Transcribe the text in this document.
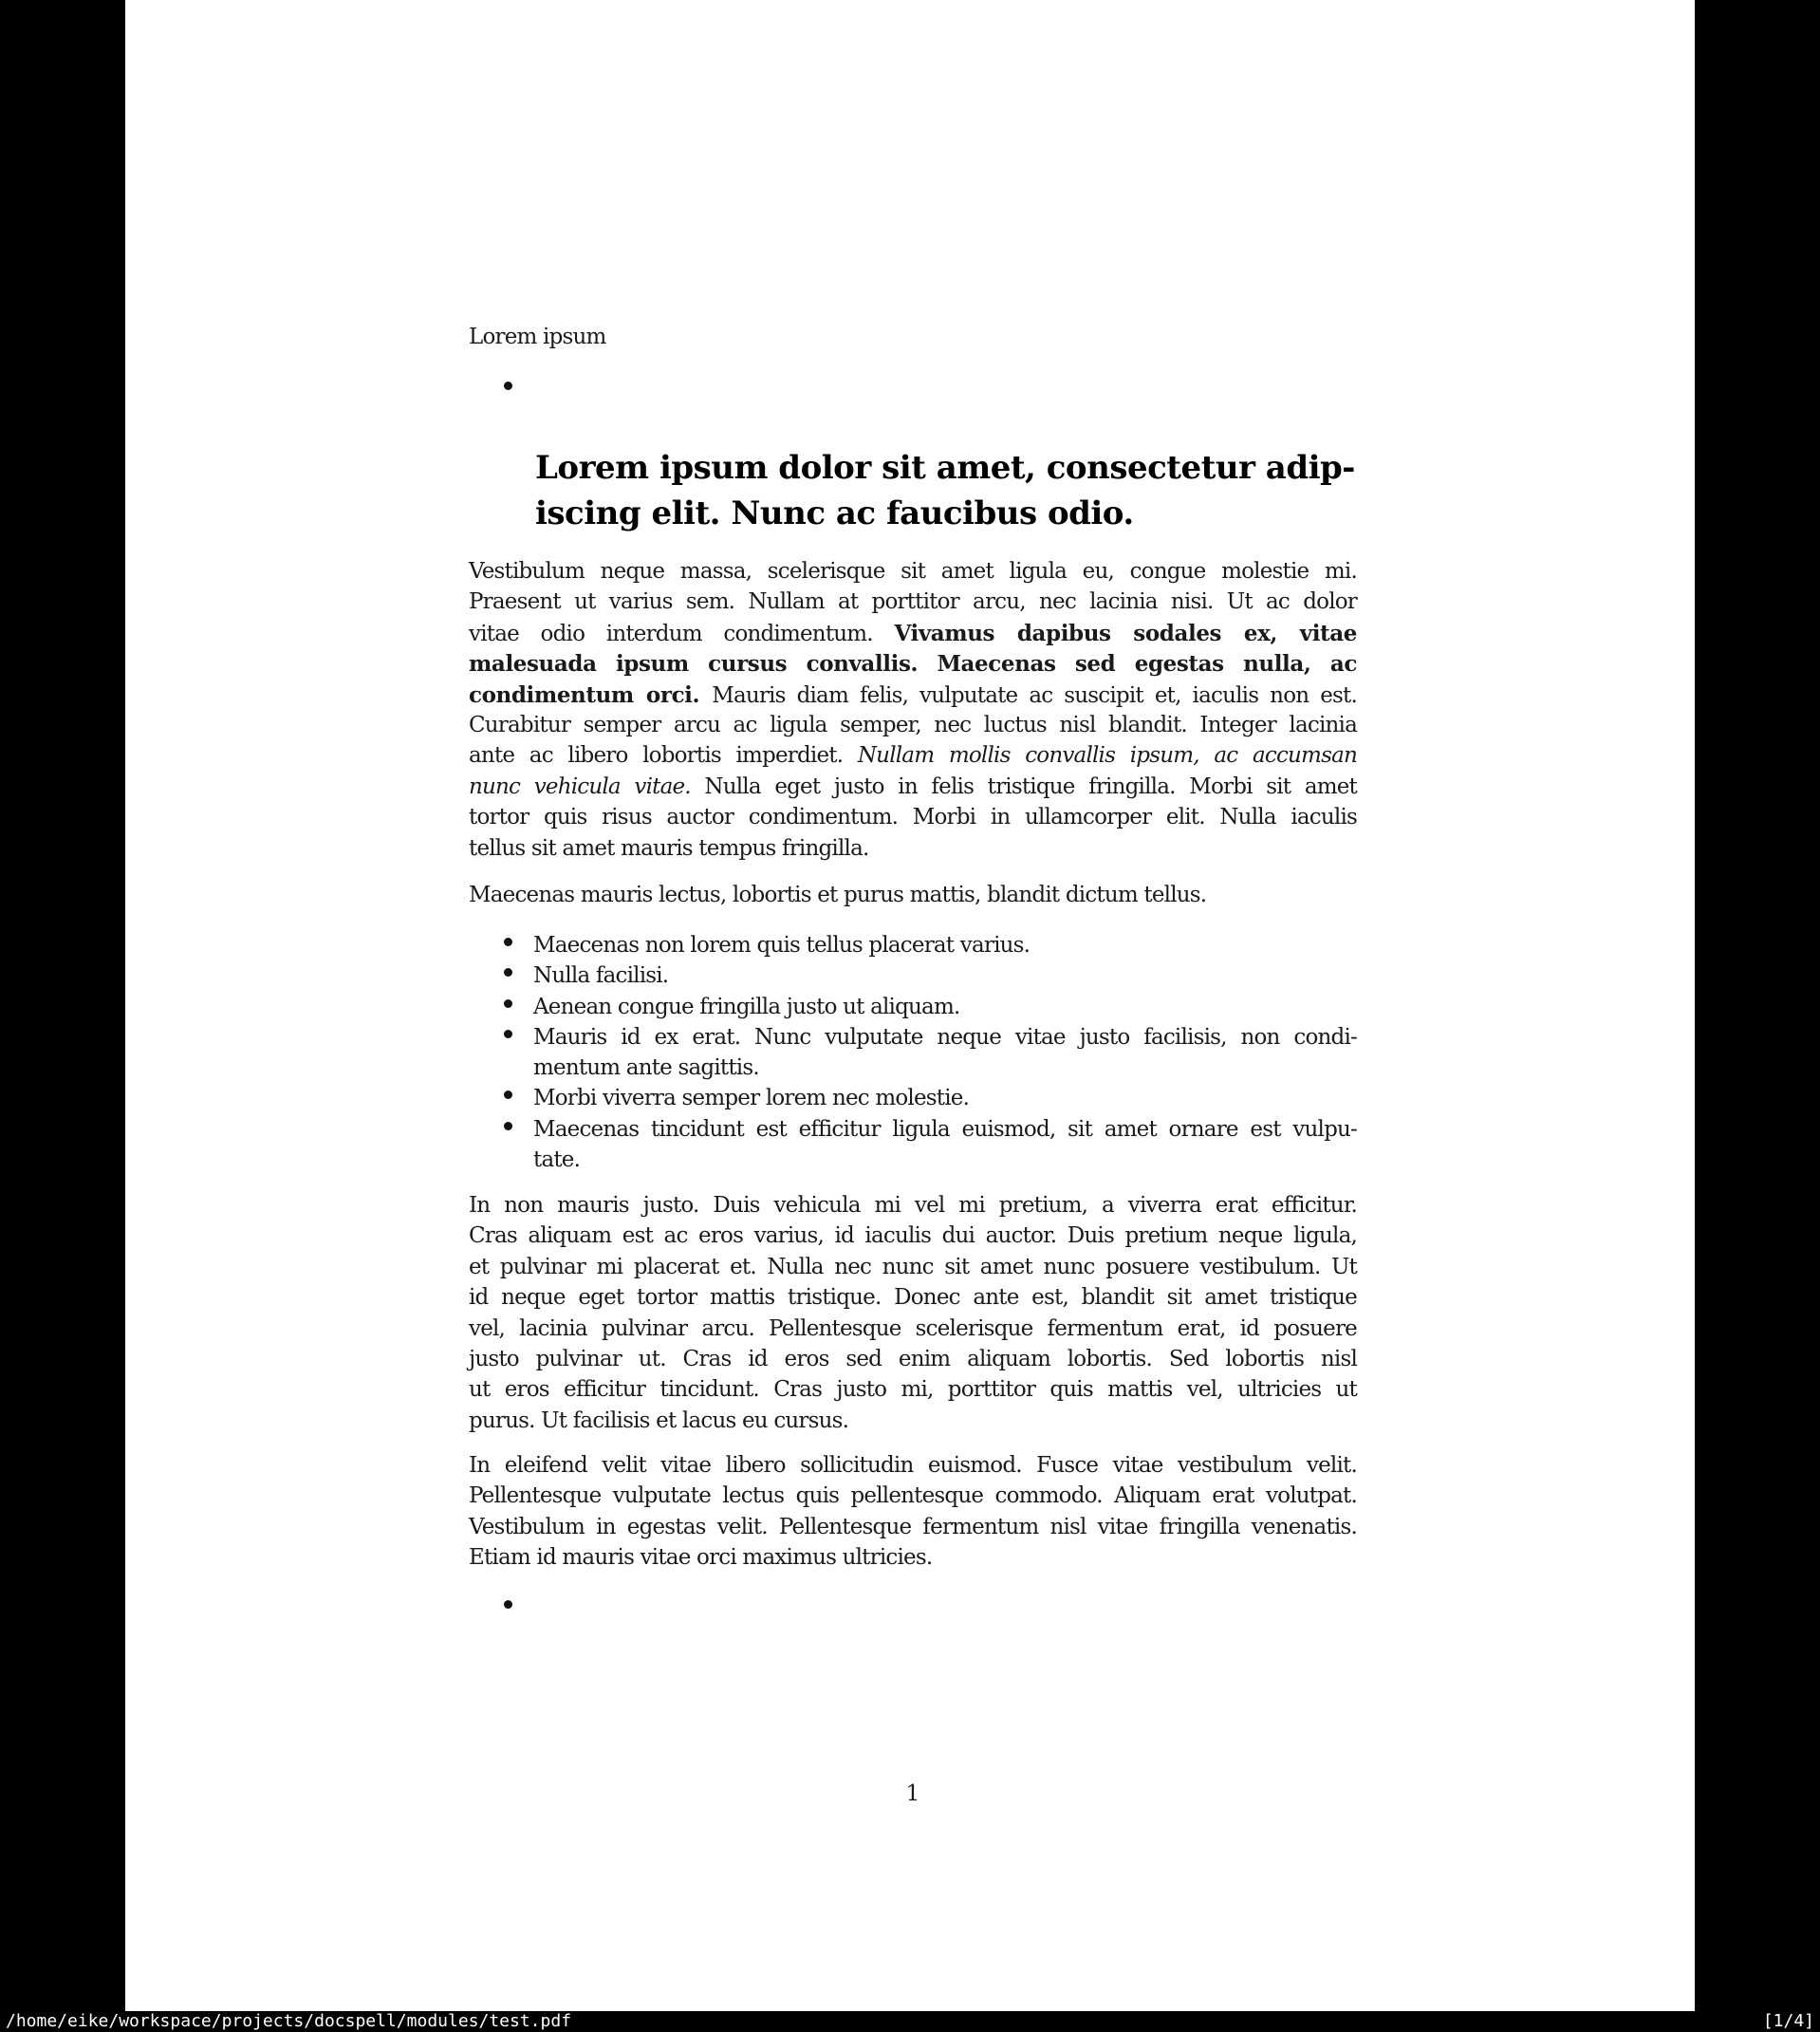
Lorem ipsum
Lorem ipsum dolor sit amet, consectetur adip-
iscing elit. Nunc ac faucibus odio.
Maecenas mauris lectus, lobortis et purus mattis, blandit dictum tellus.
1
Vestibulum neque massa, scelerisque sit amet ligula eu, congue molestie mi.
Praesent ut varius sem. Nullam at porttitor arcu, nec lacinia nisi. Ut ac dolor
vitae odio interdum condimentum. Vivamus dapibus sodales ex, vitae
malesuada ipsum cursus convallis. Maecenas sed egestas nulla, ac
condimentum orci. Mauris diam felis, vulputate ac suscipit et, iaculis non est.
Curabitur semper arcu ac ligula semper, nec luctus nisl blandit. Integer lacinia
ante ac libero lobortis imperdiet. Nullam mollis convallis ipsum, ac accumsan
nunc vehicula vitae. Nulla eget justo in felis tristique fringilla. Morbi sit amet
tortor quis risus auctor condimentum. Morbi in ullamcorper elit. Nulla iaculis
tellus sit amet mauris tempus fringilla.
Maecenas non lorem quis tellus placerat varius.
Nulla facilisi.
Aenean congue fringilla justo ut aliquam.
Mauris id ex erat. Nunc vulputate neque vitae justo facilisis, non condi-
mentum ante sagittis.
Morbi viverra semper lorem nec molestie.
Maecenas tincidunt est efficitur ligula euismod, sit amet ornare est vulpu-
tate.
In non mauris justo. Duis vehicula mi vel mi pretium, a viverra erat efficitur.
Cras aliquam est ac eros varius, id iaculis dui auctor. Duis pretium neque ligula,
et pulvinar mi placerat et. Nulla nec nunc sit amet nunc posuere vestibulum. Ut
id neque eget tortor mattis tristique. Donec ante est, blandit sit amet tristique
vel, lacinia pulvinar arcu. Pellentesque scelerisque fermentum erat, id posuere
justo pulvinar ut. Cras id eros sed enim aliquam lobortis. Sed lobortis nisl
ut eros efficitur tincidunt. Cras justo mi, porttitor quis mattis vel, ultricies ut
purus. Ut facilisis et lacus eu cursus.
In eleifend velit vitae libero sollicitudin euismod. Fusce vitae vestibulum velit.
Pellentesque vulputate lectus quis pellentesque commodo. Aliquam erat volutpat.
Vestibulum in egestas velit. Pellentesque fermentum nisl vitae fringilla venenatis.
Etiam id mauris vitae orci maximus ultricies.
/home/eike/workspace/projects/docspell/modules/test.pdf	[1/4]
